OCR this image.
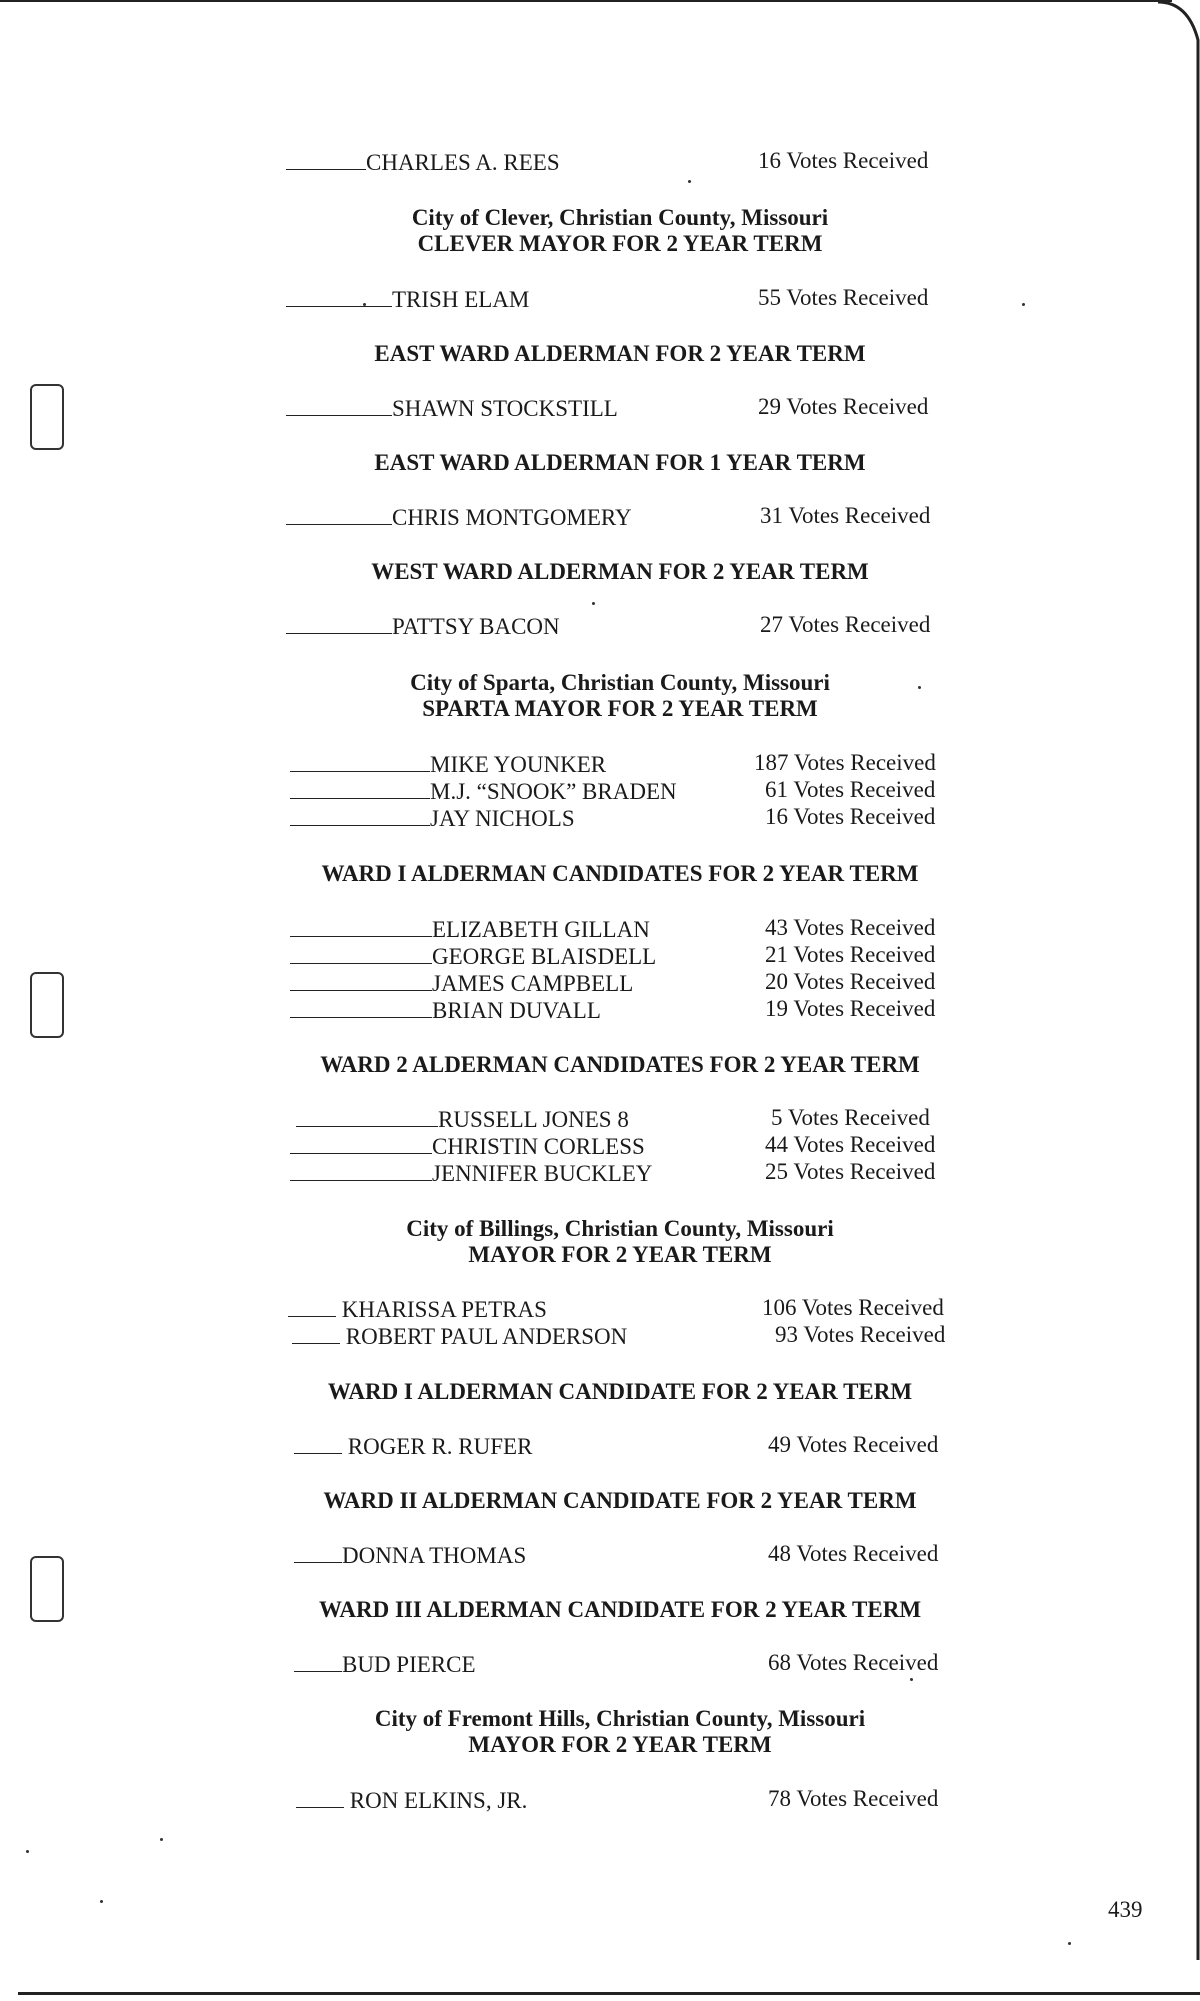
CHARLES A. REES	16 Votes Received
City of Clever, Christian County, Missouri
CLEVER MAYOR FOR 2 YEAR TERM
TRISH ELAM	55 Votes Received
EAST WARD ALDERMAN FOR 2 YEAR TERM
SHAWN STOCKSTILL	29 Votes Received
EAST WARD ALDERMAN FOR 1 YEAR TERM
CHRIS MONTGOMERY	31 Votes Received
WEST WARD ALDERMAN FOR 2 YEAR TERM
PATTSY BACON	27 Votes Received
City of Sparta, Christian County, Missouri
SPARTA MAYOR FOR 2 YEAR TERM
MIKE YOUNKER	187 Votes Received
M.J. “SNOOK” BRADEN	61 Votes Received
JAY NICHOLS	16 Votes Received
WARD I ALDERMAN CANDIDATES FOR 2 YEAR TERM
ELIZABETH GILLAN	43 Votes Received
GEORGE BLAISDELL	21 Votes Received
JAMES CAMPBELL	20 Votes Received
BRIAN DUVALL	19 Votes Received
WARD 2 ALDERMAN CANDIDATES FOR 2 YEAR TERM
RUSSELL JONES 8	5 Votes Received
CHRISTIN CORLESS	44 Votes Received
JENNIFER BUCKLEY	25 Votes Received
City of Billings, Christian County, Missouri
MAYOR FOR 2 YEAR TERM
KHARISSA PETRAS	106 Votes Received
ROBERT PAUL ANDERSON	93 Votes Received
WARD I ALDERMAN CANDIDATE FOR 2 YEAR TERM
ROGER R. RUFER	49 Votes Received
WARD II ALDERMAN CANDIDATE FOR 2 YEAR TERM
DONNA THOMAS	48 Votes Received
WARD III ALDERMAN CANDIDATE FOR 2 YEAR TERM
BUD PIERCE	68 Votes Received
City of Fremont Hills, Christian County, Missouri
MAYOR FOR 2 YEAR TERM
RON ELKINS, JR.	78 Votes Received
439
